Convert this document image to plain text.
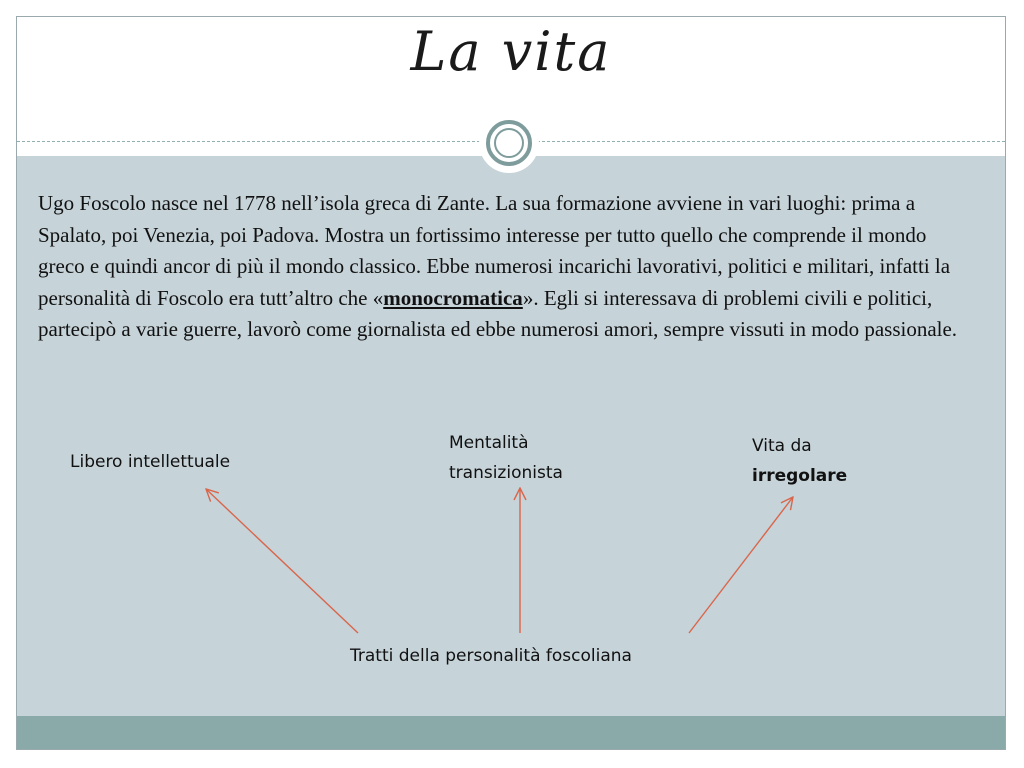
La vita
Ugo Foscolo nasce nel 1778 nell’isola greca di Zante. La sua formazione avviene in vari luoghi: prima a Spalato, poi Venezia, poi Padova. Mostra un fortissimo interesse per tutto quello che comprende il mondo greco e quindi ancor di più il mondo classico. Ebbe numerosi incarichi lavorativi, politici e militari, infatti la personalità di Foscolo era tutt’altro che «monocromatica». Egli si interessava di problemi civili e politici, partecipò a varie guerre, lavorò come giornalista ed ebbe numerosi amori, sempre vissuti in modo passionale.
Libero intellettuale
Mentalità
transizionista
Vita da
irregolare
Tratti della personalità foscoliana
